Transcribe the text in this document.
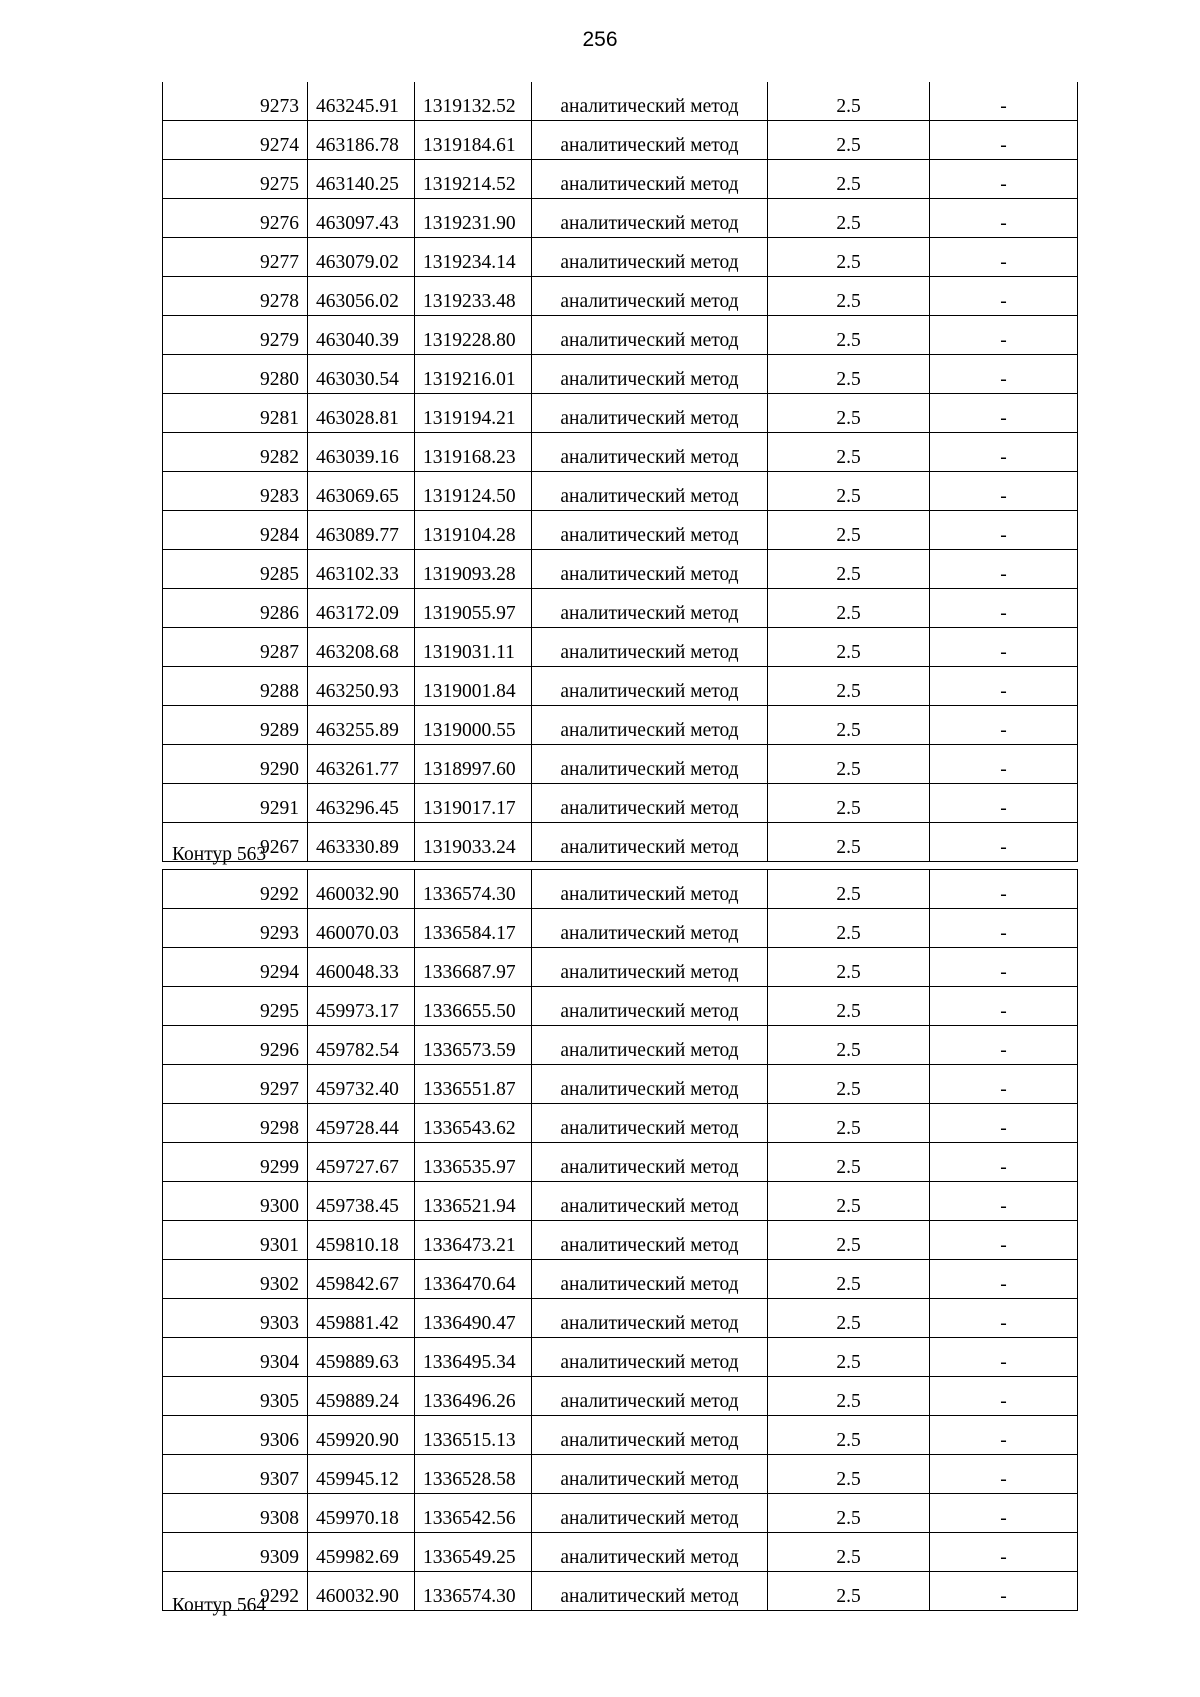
256
9273	463245.91	1319132.52	аналитический метод	2.5	-
9274	463186.78	1319184.61	аналитический метод	2.5	-
9275	463140.25	1319214.52	аналитический метод	2.5	-
9276	463097.43	1319231.90	аналитический метод	2.5	-
9277	463079.02	1319234.14	аналитический метод	2.5	-
9278	463056.02	1319233.48	аналитический метод	2.5	-
9279	463040.39	1319228.80	аналитический метод	2.5	-
9280	463030.54	1319216.01	аналитический метод	2.5	-
9281	463028.81	1319194.21	аналитический метод	2.5	-
9282	463039.16	1319168.23	аналитический метод	2.5	-
9283	463069.65	1319124.50	аналитический метод	2.5	-
9284	463089.77	1319104.28	аналитический метод	2.5	-
9285	463102.33	1319093.28	аналитический метод	2.5	-
9286	463172.09	1319055.97	аналитический метод	2.5	-
9287	463208.68	1319031.11	аналитический метод	2.5	-
9288	463250.93	1319001.84	аналитический метод	2.5	-
9289	463255.89	1319000.55	аналитический метод	2.5	-
9290	463261.77	1318997.60	аналитический метод	2.5	-
9291	463296.45	1319017.17	аналитический метод	2.5	-
9267	463330.89	1319033.24	аналитический метод	2.5	-
Контур 563
9292	460032.90	1336574.30	аналитический метод	2.5	-
9293	460070.03	1336584.17	аналитический метод	2.5	-
9294	460048.33	1336687.97	аналитический метод	2.5	-
9295	459973.17	1336655.50	аналитический метод	2.5	-
9296	459782.54	1336573.59	аналитический метод	2.5	-
9297	459732.40	1336551.87	аналитический метод	2.5	-
9298	459728.44	1336543.62	аналитический метод	2.5	-
9299	459727.67	1336535.97	аналитический метод	2.5	-
9300	459738.45	1336521.94	аналитический метод	2.5	-
9301	459810.18	1336473.21	аналитический метод	2.5	-
9302	459842.67	1336470.64	аналитический метод	2.5	-
9303	459881.42	1336490.47	аналитический метод	2.5	-
9304	459889.63	1336495.34	аналитический метод	2.5	-
9305	459889.24	1336496.26	аналитический метод	2.5	-
9306	459920.90	1336515.13	аналитический метод	2.5	-
9307	459945.12	1336528.58	аналитический метод	2.5	-
9308	459970.18	1336542.56	аналитический метод	2.5	-
9309	459982.69	1336549.25	аналитический метод	2.5	-
9292	460032.90	1336574.30	аналитический метод	2.5	-
Контур 564
